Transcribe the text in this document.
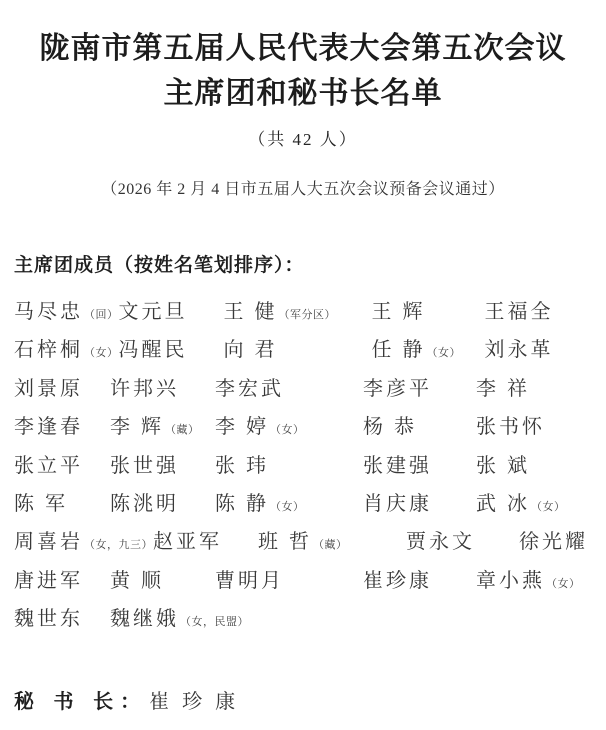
陇南市第五届人民代表大会第五次会议
主席团和秘书长名单
（共 42 人）
（2026 年 2 月 4 日市五届人大五次会议预备会议通过）
主席团成员（按姓名笔划排序）：
马尽忠（回） 文元旦	王 健（军分区）	王 辉	王福全
石梓桐（女） 冯醒民	向 君	任 静（女）	刘永革
刘景原	许邦兴	李宏武	李彦平	李 祥
李逢春	李 辉（藏） 李 婷（女）	杨 恭	张书怀
张立平	张世强	张 玮	张建强	张 斌
陈 军	陈洮明	陈 静（女）	肖庆康	武 冰（女）
周喜岩（女，九三） 赵亚军	班 哲（藏）	贾永文	徐光耀
唐进军	黄 顺	曹明月	崔珍康	章小燕（女）
魏世东	魏继娥（女，民盟）
秘 书 长： 崔珍康
